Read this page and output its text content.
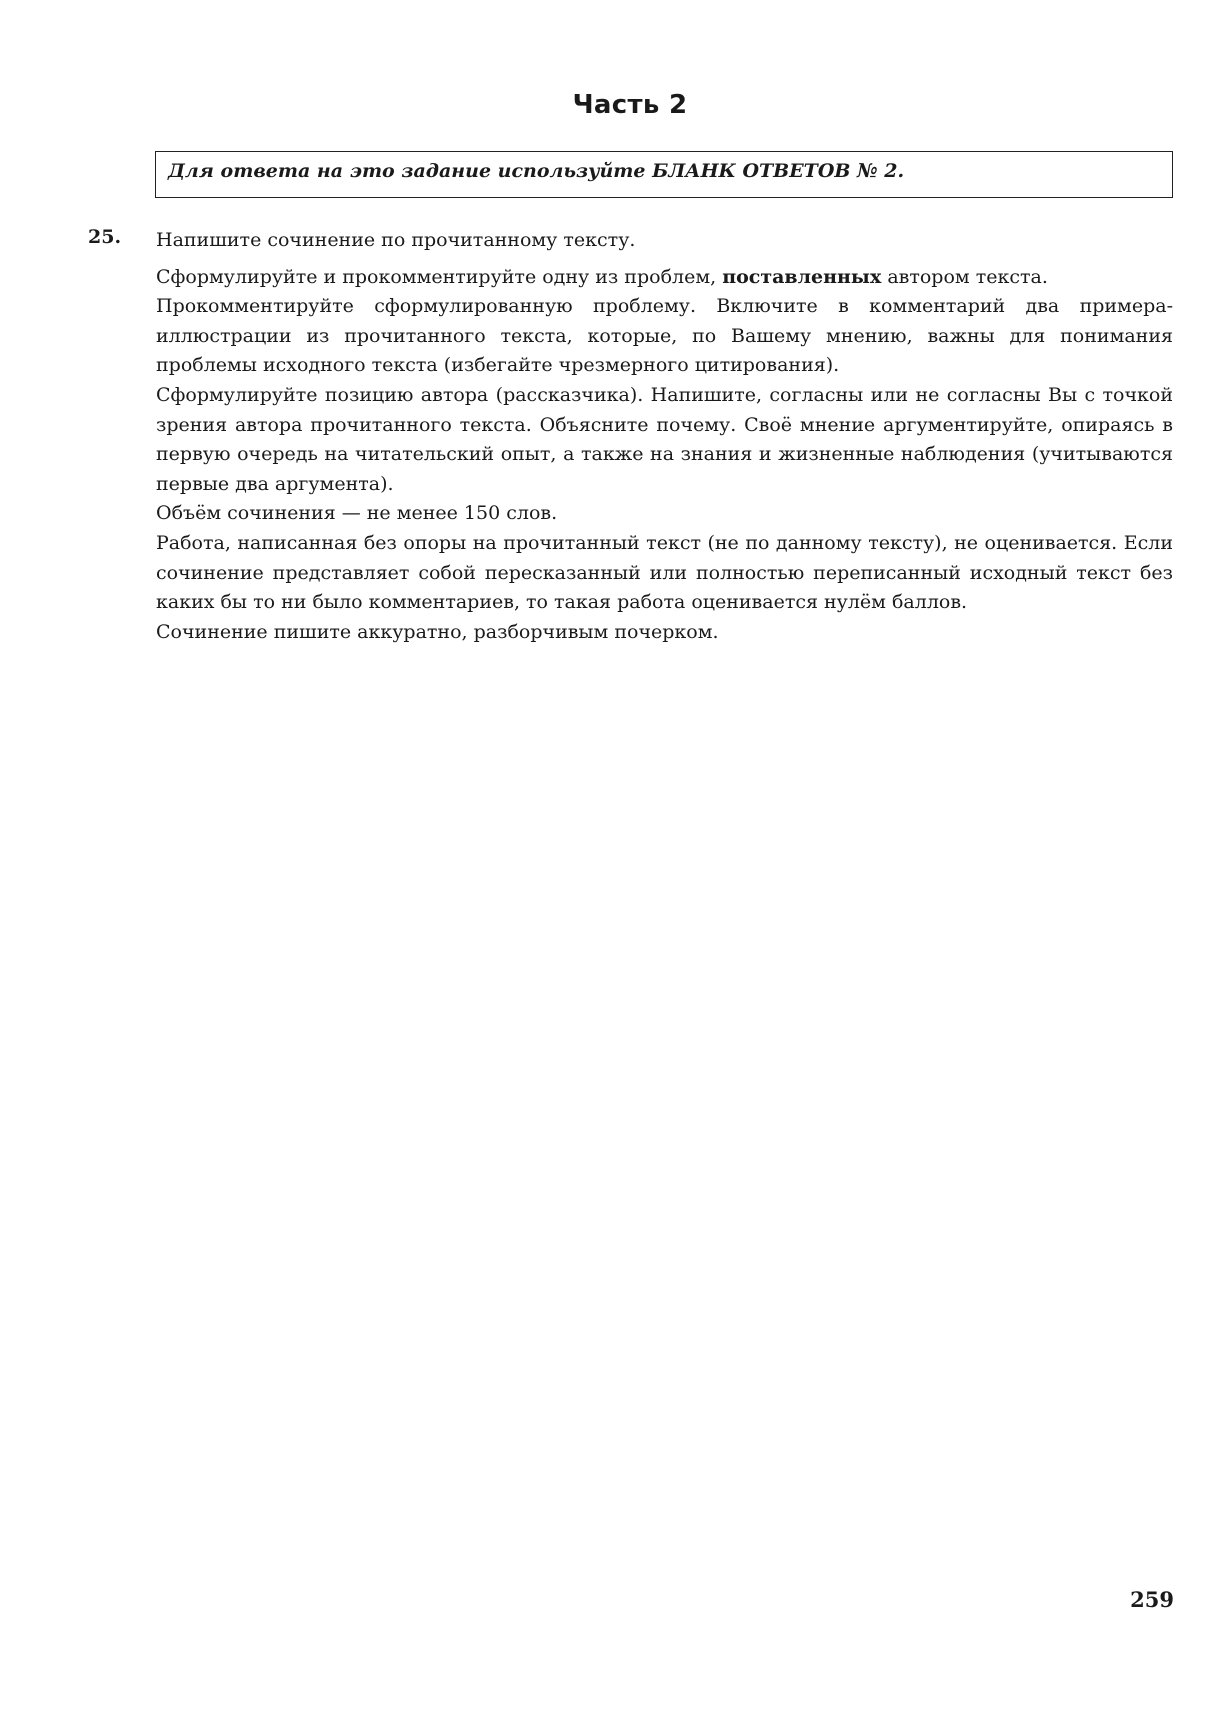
Часть 2
Для ответа на это задание используйте БЛАНК ОТВЕТОВ № 2.
25. Напишите сочинение по прочитанному тексту.

Сформулируйте и прокомментируйте одну из проблем, поставленных автором текста.

Прокомментируйте сформулированную проблему. Включите в комментарий два примера-иллюстрации из прочитанного текста, которые, по Вашему мнению, важны для понимания проблемы исходного текста (избегайте чрезмерного цитирования).

Сформулируйте позицию автора (рассказчика). Напишите, согласны или не согласны Вы с точкой зрения автора прочитанного текста. Объясните почему. Своё мнение аргументируйте, опираясь в первую очередь на читательский опыт, а также на знания и жизненные наблюдения (учитываются первые два аргумента).

Объём сочинения — не менее 150 слов.

Работа, написанная без опоры на прочитанный текст (не по данному тексту), не оценивается. Если сочинение представляет собой пересказанный или полностью переписанный исходный текст без каких бы то ни было комментариев, то такая работа оценивается нулём баллов.

Сочинение пишите аккуратно, разборчивым почерком.

259
